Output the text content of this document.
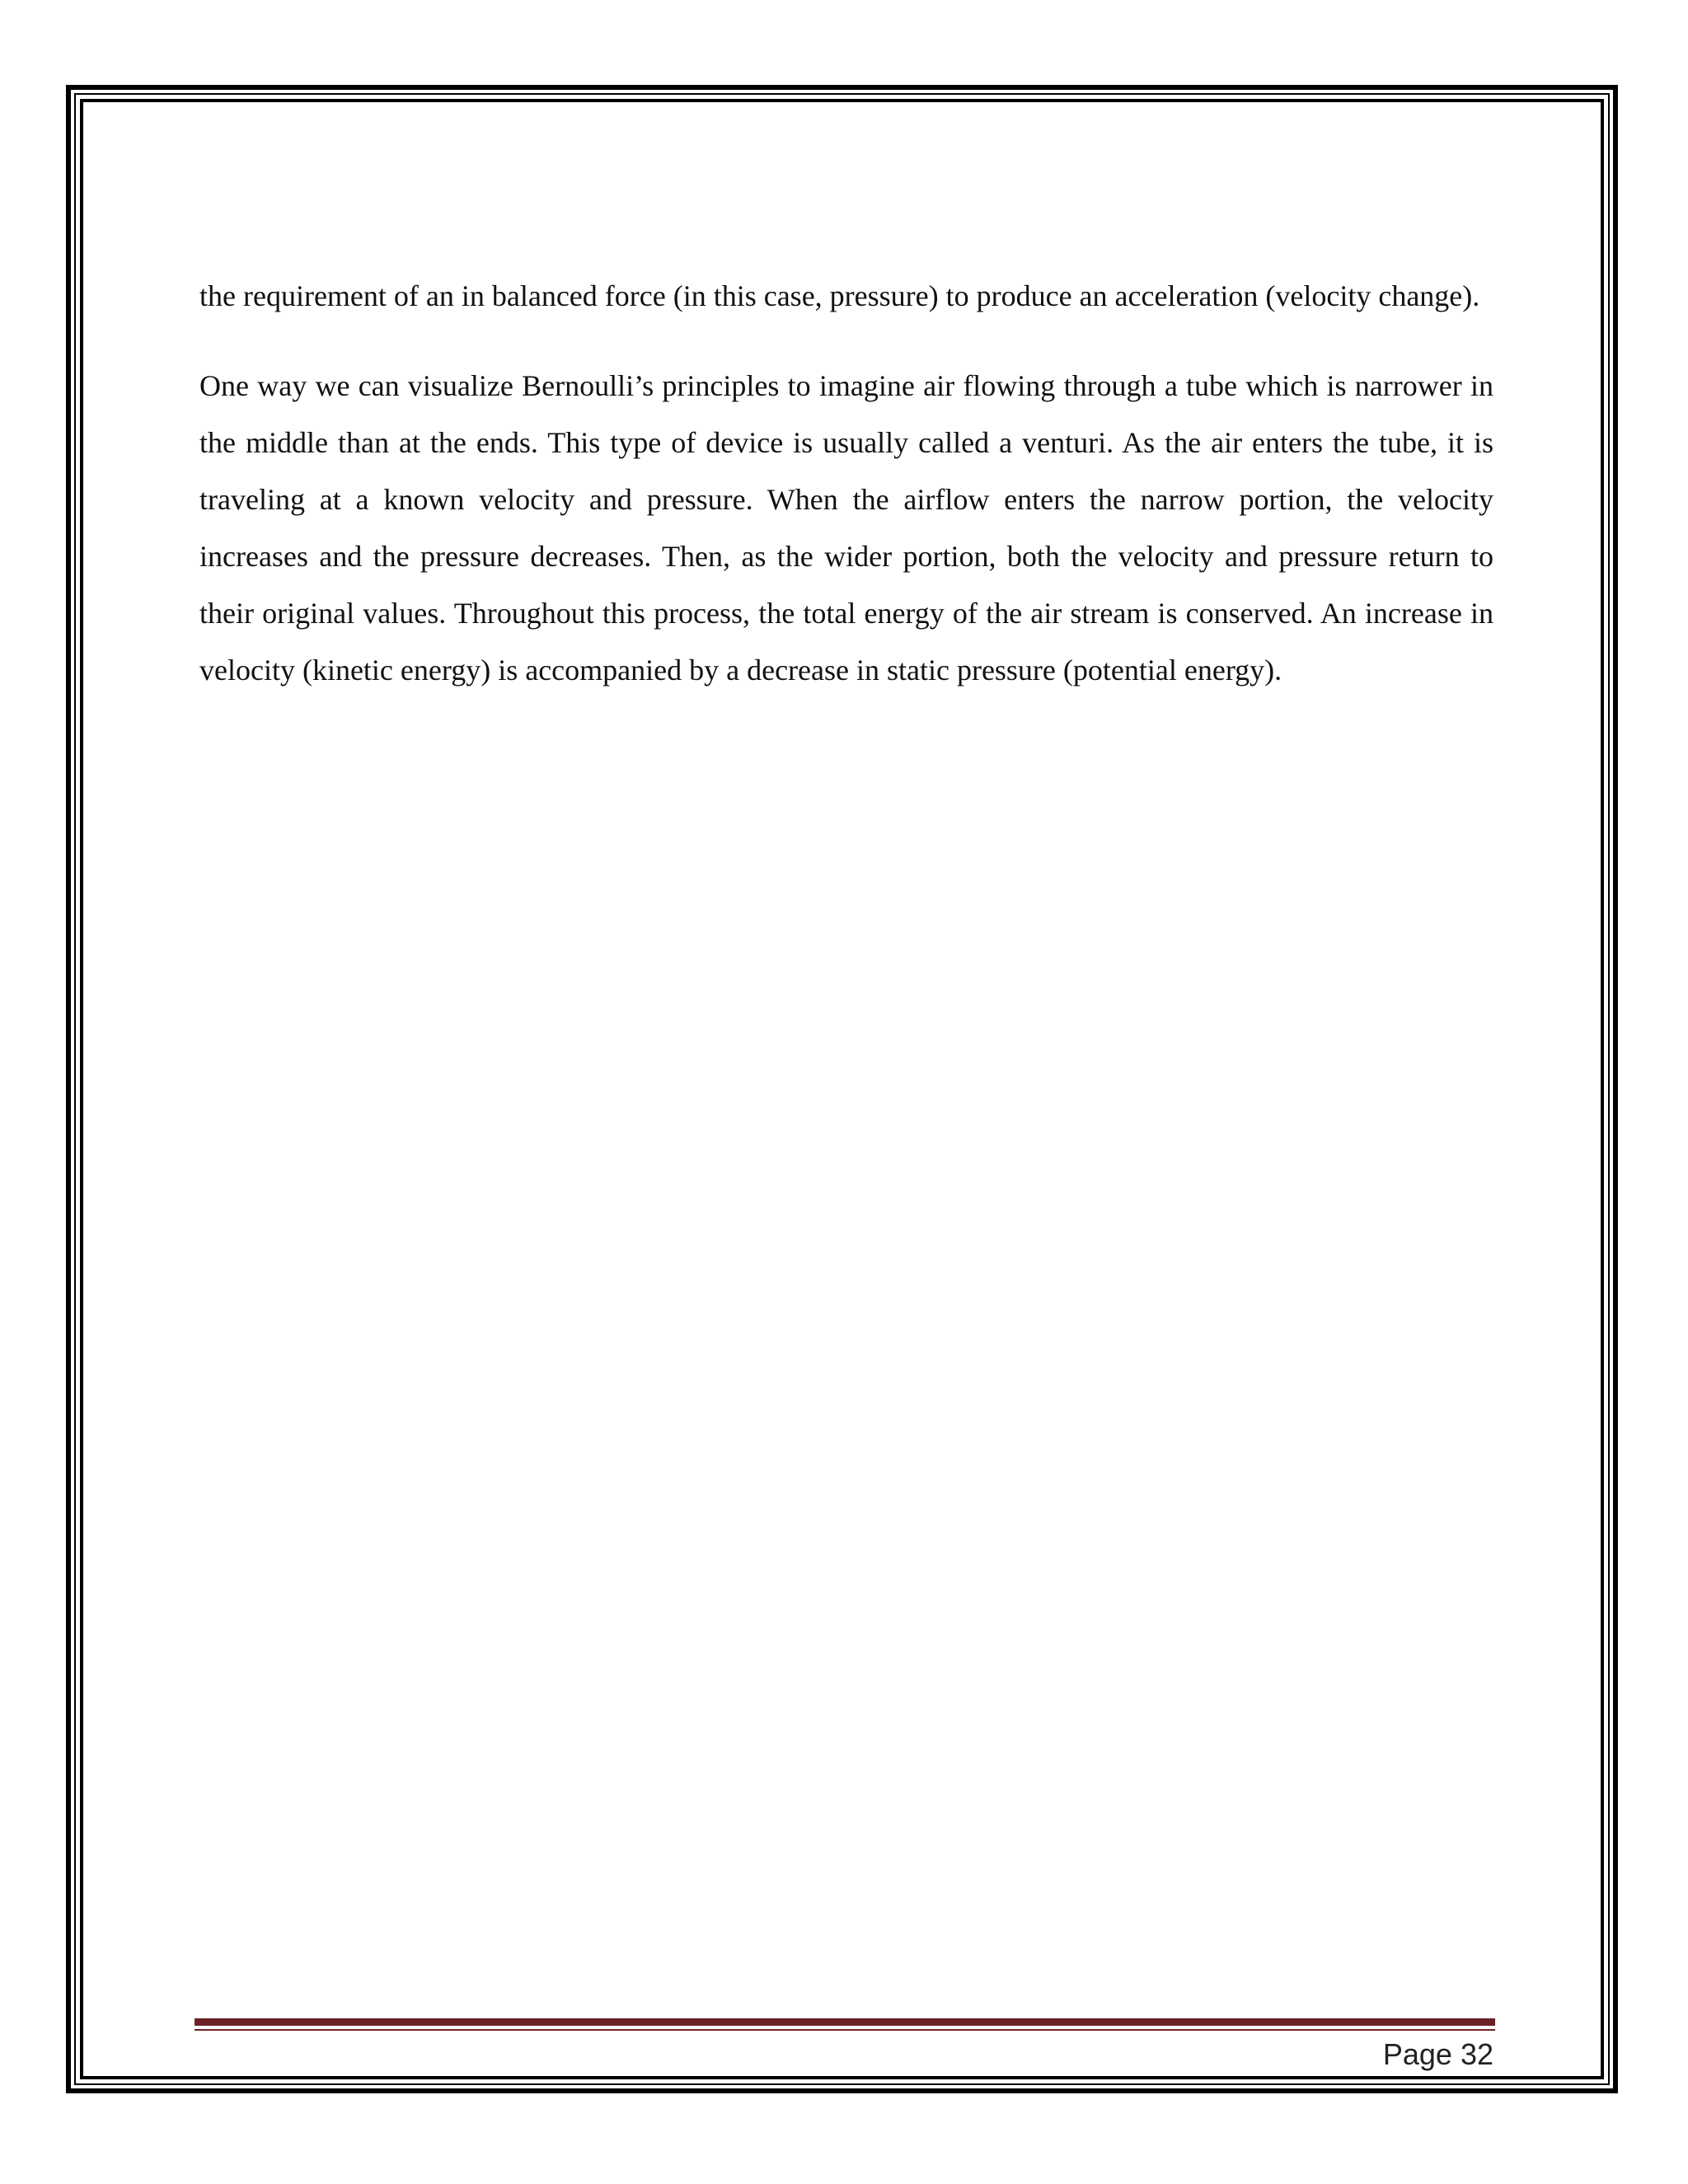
the requirement of an in balanced force (in this case, pressure) to produce an acceleration (velocity change).

One way we can visualize Bernoulli’s principles to imagine air flowing through a tube which is narrower in the middle than at the ends. This type of device is usually called a venturi. As the air enters the tube, it is traveling at a known velocity and pressure. When the airflow enters the narrow portion, the velocity increases and the pressure decreases. Then, as the wider portion, both the velocity and pressure return to their original values. Throughout this process, the total energy of the air stream is conserved. An increase in velocity (kinetic energy) is accompanied by a decrease in static pressure (potential energy).

Page 32
